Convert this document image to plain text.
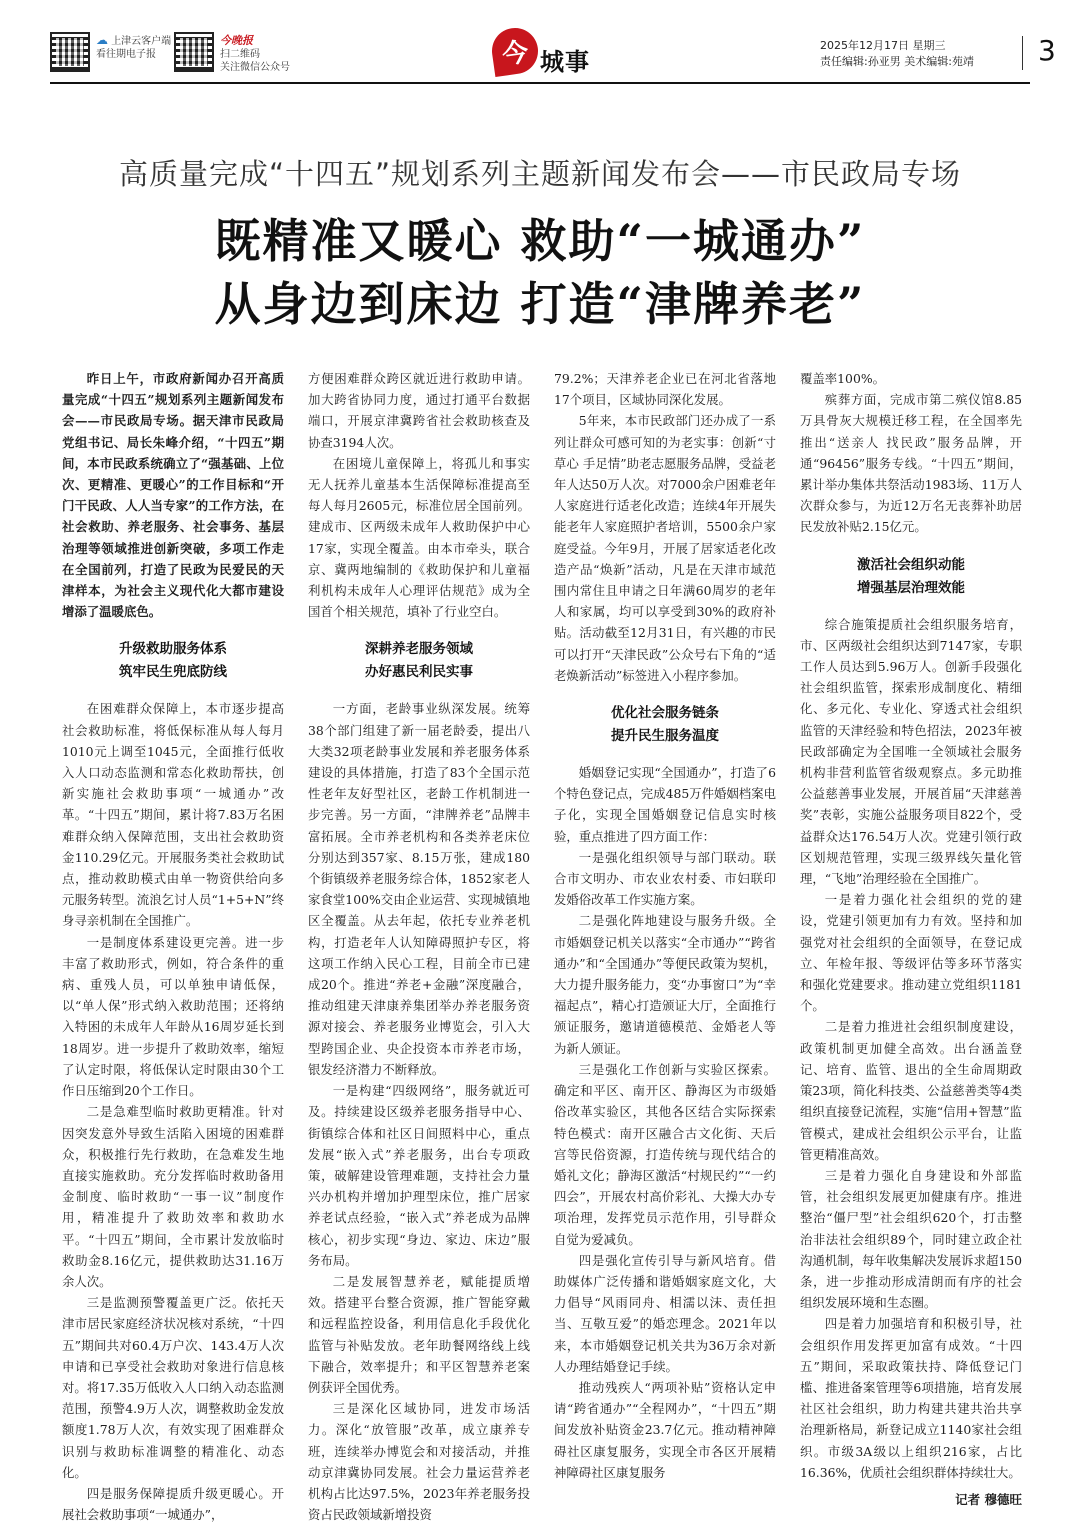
☁ 上津云客户端
看往期电子报
今晚报
扫二维码
关注微信公众号	今 城事
2025年12月17日 星期三
责任编辑:孙亚男 美术编辑:苑靖 3
高质量完成“十四五”规划系列主题新闻发布会——市民政局专场
既精准又暖心 救助“一城通办”
从身边到床边 打造“津牌养老”

昨日上午，市政府新闻办召开高质量完成“十四五”规划系列主题新闻发布会——市民政局专场。据天津市民政局党组书记、局长朱峰介绍，“十四五”期间，本市民政系统确立了“强基础、上位次、更精准、更暖心”的工作目标和“开门干民政、人人当专家”的工作方法，在社会救助、养老服务、社会事务、基层治理等领域推进创新突破，多项工作走在全国前列，打造了民政为民爱民的天津样本，为社会主义现代化大都市建设增添了温暖底色。

升级救助服务体系
筑牢民生兜底防线

在困难群众保障上，本市逐步提高社会救助标准，将低保标准从每人每月1010元上调至1045元，全面推行低收入人口动态监测和常态化救助帮扶，创新实施社会救助事项“一城通办”改革。“十四五”期间，累计将7.83万名困难群众纳入保障范围，支出社会救助资金110.29亿元。开展服务类社会救助试点，推动救助模式由单一物资供给向多元服务转型。流浪乞讨人员“1+5+N”终身寻亲机制在全国推广。

一是制度体系建设更完善。进一步丰富了救助形式，例如，符合条件的重病、重残人员，可以单独申请低保，以“单人保”形式纳入救助范围；还将纳入特困的未成年人年龄从16周岁延长到18周岁。进一步提升了救助效率，缩短了认定时限，将低保认定时限由30个工作日压缩到20个工作日。

二是急难型临时救助更精准。针对因突发意外导致生活陷入困境的困难群众，积极推行先行救助，在急难发生地直接实施救助。充分发挥临时救助备用金制度、临时救助“一事一议”制度作用，精准提升了救助效率和救助水平。“十四五”期间，全市累计发放临时救助金8.16亿元，提供救助达31.16万余人次。

三是监测预警覆盖更广泛。依托天津市居民家庭经济状况核对系统，“十四五”期间共对60.4万户次、143.4万人次申请和已享受社会救助对象进行信息核对。将17.35万低收入人口纳入动态监测范围，预警4.9万人次，调整救助金发放额度1.78万人次，有效实现了困难群众识别与救助标准调整的精准化、动态化。

四是服务保障提质升级更暖心。开展社会救助事项“一城通办”，

方便困难群众跨区就近进行救助申请。加大跨省协同力度，通过打通平台数据端口，开展京津冀跨省社会救助核查及协查3194人次。

在困境儿童保障上，将孤儿和事实无人抚养儿童基本生活保障标准提高至每人每月2605元，标准位居全国前列。建成市、区两级未成年人救助保护中心17家，实现全覆盖。由本市牵头，联合京、冀两地编制的《救助保护和儿童福利机构未成年人心理评估规范》成为全国首个相关规范，填补了行业空白。

深耕养老服务领域
办好惠民利民实事

一方面，老龄事业纵深发展。统筹38个部门组建了新一届老龄委，提出八大类32项老龄事业发展和养老服务体系建设的具体措施，打造了83个全国示范性老年友好型社区，老龄工作机制进一步完善。另一方面，“津牌养老”品牌丰富拓展。全市养老机构和各类养老床位分别达到357家、8.15万张，建成180个街镇级养老服务综合体，1852家老人家食堂100%交由企业运营、实现城镇地区全覆盖。从去年起，依托专业养老机构，打造老年人认知障碍照护专区，将这项工作纳入民心工程，目前全市已建成20个。推进“养老+金融”深度融合，推动组建天津康养集团举办养老服务资源对接会、养老服务业博览会，引入大型跨国企业、央企投资本市养老市场，银发经济潜力不断释放。

一是构建“四级网络”，服务就近可及。持续建设区级养老服务指导中心、街镇综合体和社区日间照料中心，重点发展“嵌入式”养老服务，出台专项政策，破解建设管理难题，支持社会力量兴办机构并增加护理型床位，推广居家养老试点经验，“嵌入式”养老成为品牌核心，初步实现“身边、家边、床边”服务布局。

二是发展智慧养老，赋能提质增效。搭建平台整合资源，推广智能穿戴和远程监控设备，利用信息化手段优化监管与补贴发放。老年助餐网络线上线下融合，效率提升；和平区智慧养老案例获评全国优秀。

三是深化区域协同，进发市场活力。深化“放管服”改革，成立康养专班，连续举办博览会和对接活动，并推动京津冀协同发展。社会力量运营养老机构占比达97.5%，2023年养老服务投资占民政领域新增投资

79.2%；天津养老企业已在河北省落地17个项目，区域协同深化发展。

5年来，本市民政部门还办成了一系列让群众可感可知的为老实事：创新“寸草心 手足情”助老志愿服务品牌，受益老年人达50万人次。对7000余户困难老年人家庭进行适老化改造；连续4年开展失能老年人家庭照护者培训，5500余户家庭受益。今年9月，开展了居家适老化改造产品“焕新”活动，凡是在天津市域范围内常住且申请之日年满60周岁的老年人和家属，均可以享受到30%的政府补贴。活动截至12月31日，有兴趣的市民可以打开“天津民政”公众号右下角的“适老焕新活动”标签进入小程序参加。

优化社会服务链条
提升民生服务温度

婚姻登记实现“全国通办”，打造了6个特色登记点，完成485万件婚姻档案电子化，实现全国婚姻登记信息实时核验，重点推进了四方面工作：

一是强化组织领导与部门联动。联合市文明办、市农业农村委、市妇联印发婚俗改革工作实施方案。

二是强化阵地建设与服务升级。全市婚姻登记机关以落实“全市通办”“跨省通办”和“全国通办”等便民政策为契机，大力提升服务能力，变“办事窗口”为“幸福起点”，精心打造颁证大厅，全面推行颁证服务，邀请道德模范、金婚老人等为新人颁证。

三是强化工作创新与实验区探索。确定和平区、南开区、静海区为市级婚俗改革实验区，其他各区结合实际探索特色模式：南开区融合古文化街、天后宫等民俗资源，打造传统与现代结合的婚礼文化；静海区激活“村规民约”“一约四会”，开展农村高价彩礼、大操大办专项治理，发挥党员示范作用，引导群众自觉为爱减负。

四是强化宣传引导与新风培育。借助媒体广泛传播和谐婚姻家庭文化，大力倡导“风雨同舟、相濡以沫、责任担当、互敬互爱”的婚恋理念。2021年以来，本市婚姻登记机关共为36万余对新人办理结婚登记手续。

推动残疾人“两项补贴”资格认定申请“跨省通办”“全程网办”，“十四五”期间发放补贴资金23.7亿元。推动精神障碍社区康复服务，实现全市各区开展精神障碍社区康复服务

覆盖率100%。

殡葬方面，完成市第二殡仪馆8.85万具骨灰大规模迁移工程，在全国率先推出“送亲人 找民政”服务品牌，开通“96456”服务专线。“十四五”期间，累计举办集体共祭活动1983场、11万人次群众参与，为近12万名无丧葬补助居民发放补贴2.15亿元。

激活社会组织动能
增强基层治理效能

综合施策提质社会组织服务培育，市、区两级社会组织达到7147家，专职工作人员达到5.96万人。创新手段强化社会组织监管，探索形成制度化、精细化、多元化、专业化、穿透式社会组织监管的天津经验和特色招法，2023年被民政部确定为全国唯一全领域社会服务机构非营利监管省级观察点。多元助推公益慈善事业发展，开展首届“天津慈善奖”表彰，实施公益服务项目822个，受益群众达176.54万人次。党建引领行政区划规范管理，实现三级界线矢量化管理，“飞地”治理经验在全国推广。

一是着力强化社会组织的党的建设，党建引领更加有力有效。坚持和加强党对社会组织的全面领导，在登记成立、年检年报、等级评估等多环节落实和强化党建要求。推动建立党组织1181个。

二是着力推进社会组织制度建设，政策机制更加健全高效。出台涵盖登记、培育、监管、退出的全生命周期政策23项，简化科技类、公益慈善类等4类组织直接登记流程，实施“信用+智慧”监管模式，建成社会组织公示平台，让监管更精准高效。

三是着力强化自身建设和外部监管，社会组织发展更加健康有序。推进整治“僵尸型”社会组织620个，打击整治非法社会组织89个，同时建立政企社沟通机制，每年收集解决发展诉求超150条，进一步推动形成清朗而有序的社会组织发展环境和生态圈。

四是着力加强培育和积极引导，社会组织作用发挥更加富有成效。“十四五”期间，采取政策扶持、降低登记门槛、推进备案管理等6项措施，培育发展社区社会组织，助力构建共建共治共享治理新格局，新登记成立1140家社会组织。市级3A级以上组织216家，占比16.36%，优质社会组织群体持续壮大。

记者 穆德旺
